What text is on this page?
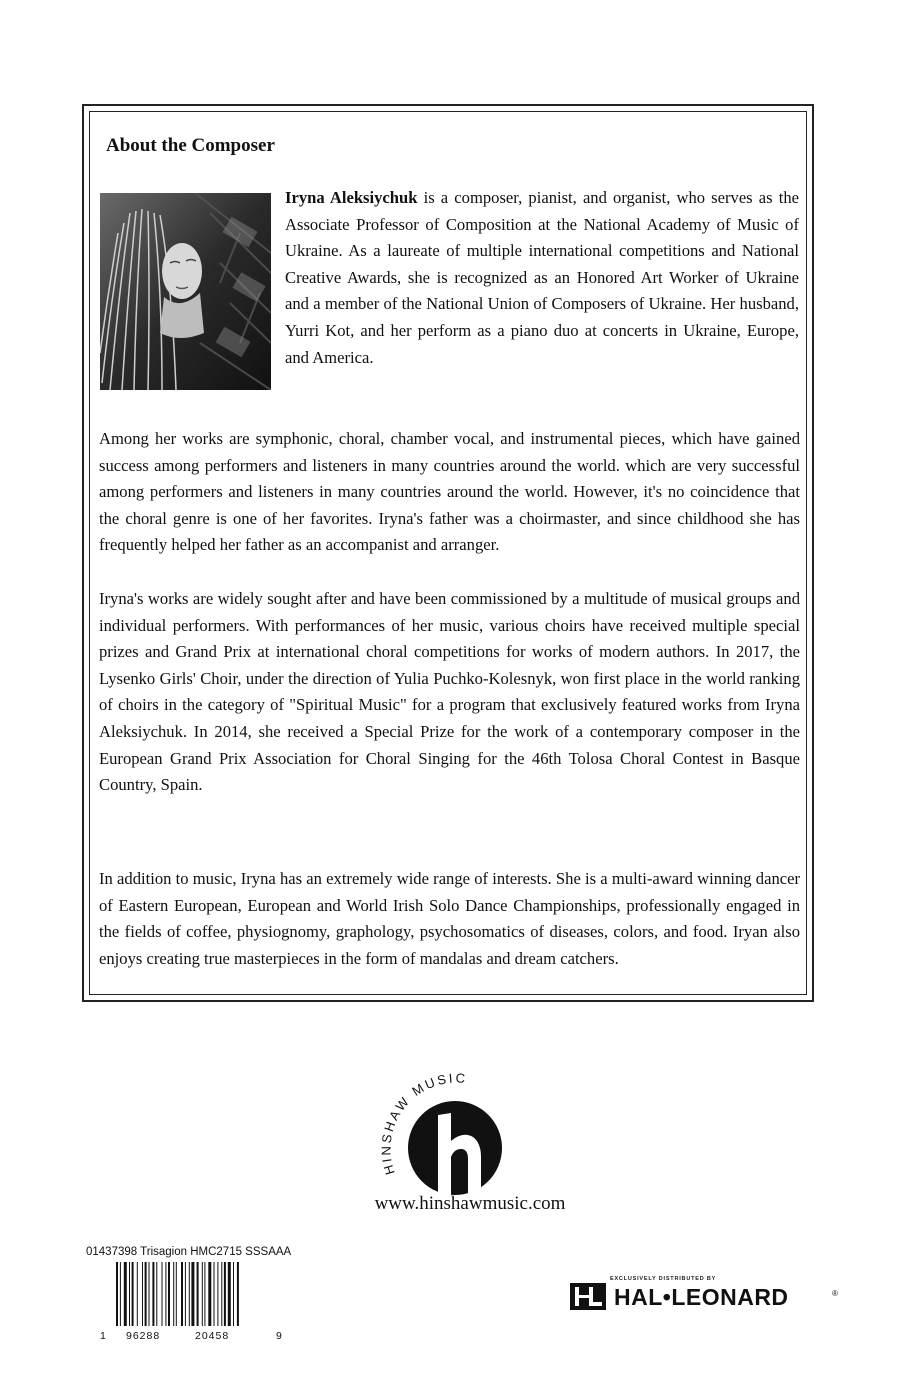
About the Composer

Iryna Aleksiychuk is a composer, pianist, and organist, who serves as the Associate Professor of Composition at the National Academy of Music of Ukraine. As a laureate of multiple international competitions and National Creative Awards, she is recognized as an Honored Art Worker of Ukraine and a member of the National Union of Composers of Ukraine. Her husband, Yurri Kot, and her perform as a piano duo at concerts in Ukraine, Europe, and America.

Among her works are symphonic, choral, chamber vocal, and instrumental pieces, which have gained success among performers and listeners in many countries around the world. which are very successful among performers and listeners in many countries around the world. However, it's no coincidence that the choral genre is one of her favorites. Iryna's father was a choirmaster, and since childhood she has frequently helped her father as an accompanist and arranger.

Iryna's works are widely sought after and have been commissioned by a multitude of musical groups and individual performers. With performances of her music, various choirs have received multiple special prizes and Grand Prix at international choral competitions for works of modern authors. In 2017, the Lysenko Girls' Choir, under the direction of Yulia Puchko-Kolesnyk, won first place in the world ranking of choirs in the category of "Spiritual Music" for a program that exclusively featured works from Iryna Aleksiychuk. In 2014, she received a Special Prize for the work of a contemporary composer in the European Grand Prix Association for Choral Singing for the 46th Tolosa Choral Contest in Basque Country, Spain.

In addition to music, Iryna has an extremely wide range of interests. She is a multi-award winning dancer of Eastern European, European and World Irish Solo Dance Championships, professionally engaged in the fields of coffee, physiognomy, graphology, psychosomatics of diseases, colors, and food. Iryan also enjoys creating true masterpieces in the form of mandalas and dream catchers.

HINSHAW MUSIC
www.hinshawmusic.com
01437398 Trisagion HMC2715 SSSAAA
1 96288	20458	9
EXCLUSIVELY DISTRIBUTED BY
HAL•LEONARD	®
